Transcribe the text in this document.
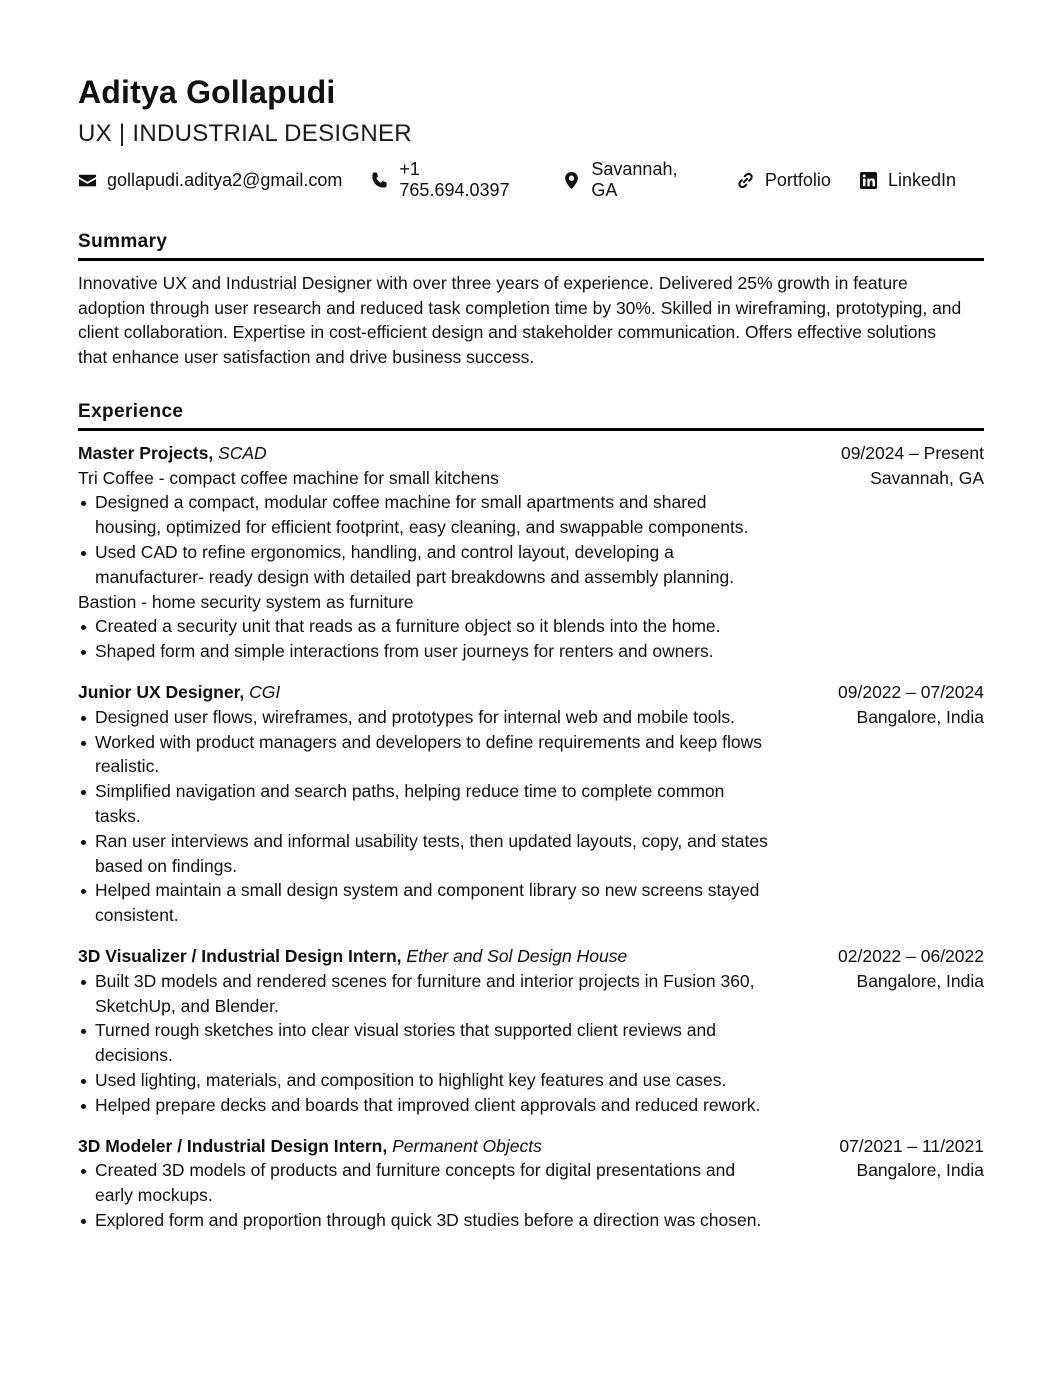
Aditya Gollapudi
UX | INDUSTRIAL DESIGNER
gollapudi.aditya2@gmail.com
+1 765.694.0397
Savannah, GA
Portfolio	LinkedIn
Summary
Innovative UX and Industrial Designer with over three years of experience. Delivered 25% growth in feature adoption through user research and reduced task completion time by 30%. Skilled in wireframing, prototyping, and client collaboration. Expertise in cost-efficient design and stakeholder communication. Offers effective solutions that enhance user satisfaction and drive business success.
Experience
Master Projects, SCAD
Tri Coffee - compact coffee machine for small kitchens
Designed a compact, modular coffee machine for small apartments and shared housing, optimized for efficient footprint, easy cleaning, and swappable components.
Used CAD to refine ergonomics, handling, and control layout, developing a manufacturer- ready design with detailed part breakdowns and assembly planning.
Bastion - home security system as furniture
Created a security unit that reads as a furniture object so it blends into the home.
Shaped form and simple interactions from user journeys for renters and owners.
09/2024 – Present
Savannah, GA
Junior UX Designer, CGI
Designed user flows, wireframes, and prototypes for internal web and mobile tools.
Worked with product managers and developers to define requirements and keep flows realistic.
Simplified navigation and search paths, helping reduce time to complete common tasks.
Ran user interviews and informal usability tests, then updated layouts, copy, and states based on findings.
Helped maintain a small design system and component library so new screens stayed consistent.
09/2022 – 07/2024
Bangalore, India
3D Visualizer / Industrial Design Intern, Ether and Sol Design House
Built 3D models and rendered scenes for furniture and interior projects in Fusion 360, SketchUp, and Blender.
Turned rough sketches into clear visual stories that supported client reviews and decisions.
Used lighting, materials, and composition to highlight key features and use cases.
Helped prepare decks and boards that improved client approvals and reduced rework.
02/2022 – 06/2022
Bangalore, India
3D Modeler / Industrial Design Intern, Permanent Objects
Created 3D models of products and furniture concepts for digital presentations and early mockups.
Explored form and proportion through quick 3D studies before a direction was chosen.
07/2021 – 11/2021
Bangalore, India
